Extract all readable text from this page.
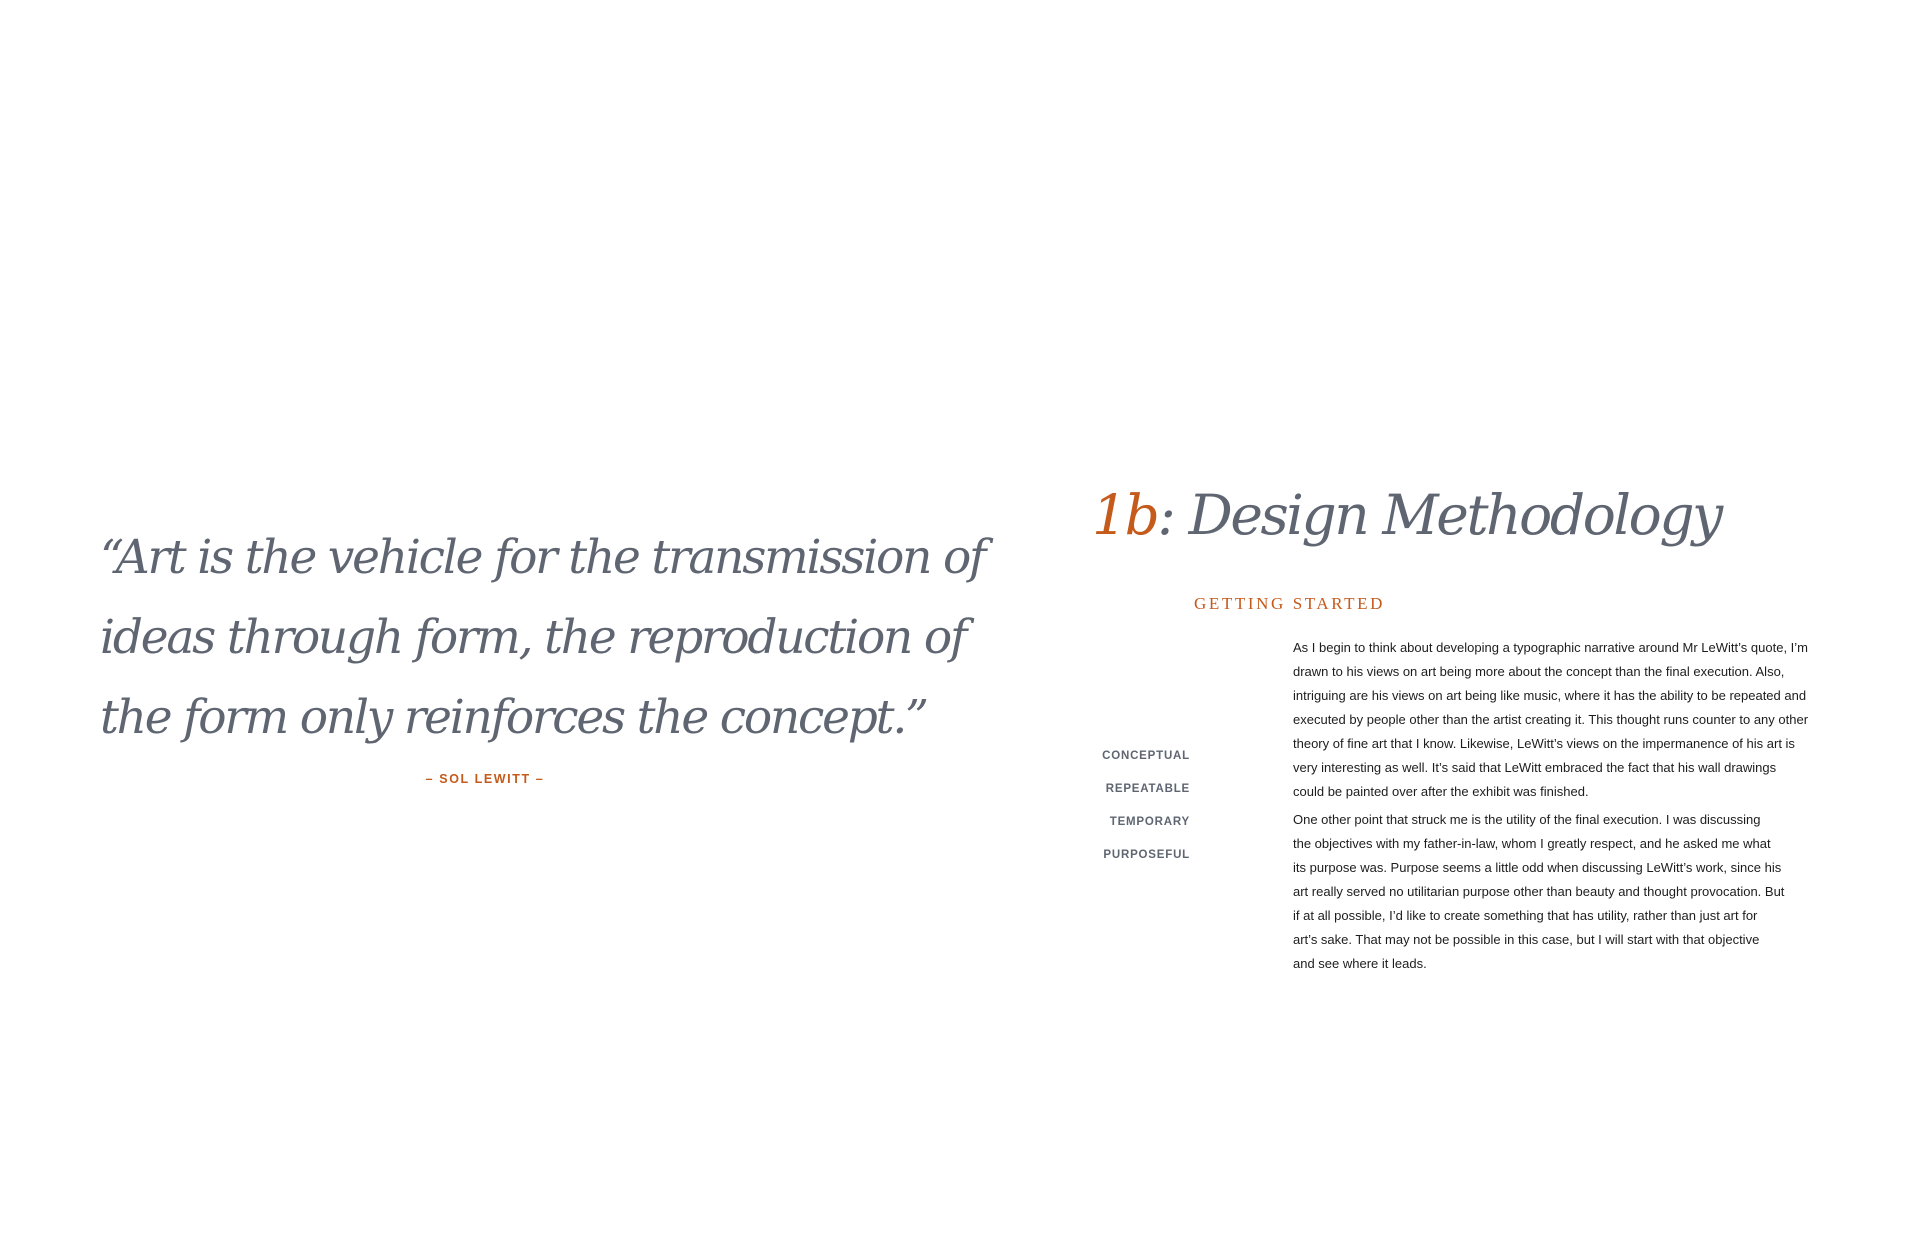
“Art is the vehicle for the transmission of
ideas through form, the reproduction of
the form only reinforces the concept.”

– SOL LEWITT –
1b: Design Methodology
GETTING STARTED
CONCEPTUAL
REPEATABLE
TEMPORARY
PURPOSEFUL

As I begin to think about developing a typographic narrative around Mr LeWitt’s quote, I’m
drawn to his views on art being more about the concept than the final execution. Also,
intriguing are his views on art being like music, where it has the ability to be repeated and
executed by people other than the artist creating it. This thought runs counter to any other
theory of fine art that I know. Likewise, LeWitt’s views on the impermanence of his art is
very interesting as well. It’s said that LeWitt embraced the fact that his wall drawings
could be painted over after the exhibit was finished.

One other point that struck me is the utility of the final execution. I was discussing
the objectives with my father-in-law, whom I greatly respect, and he asked me what
its purpose was. Purpose seems a little odd when discussing LeWitt’s work, since his
art really served no utilitarian purpose other than beauty and thought provocation. But
if at all possible, I’d like to create something that has utility, rather than just art for
art’s sake. That may not be possible in this case, but I will start with that objective
and see where it leads.
